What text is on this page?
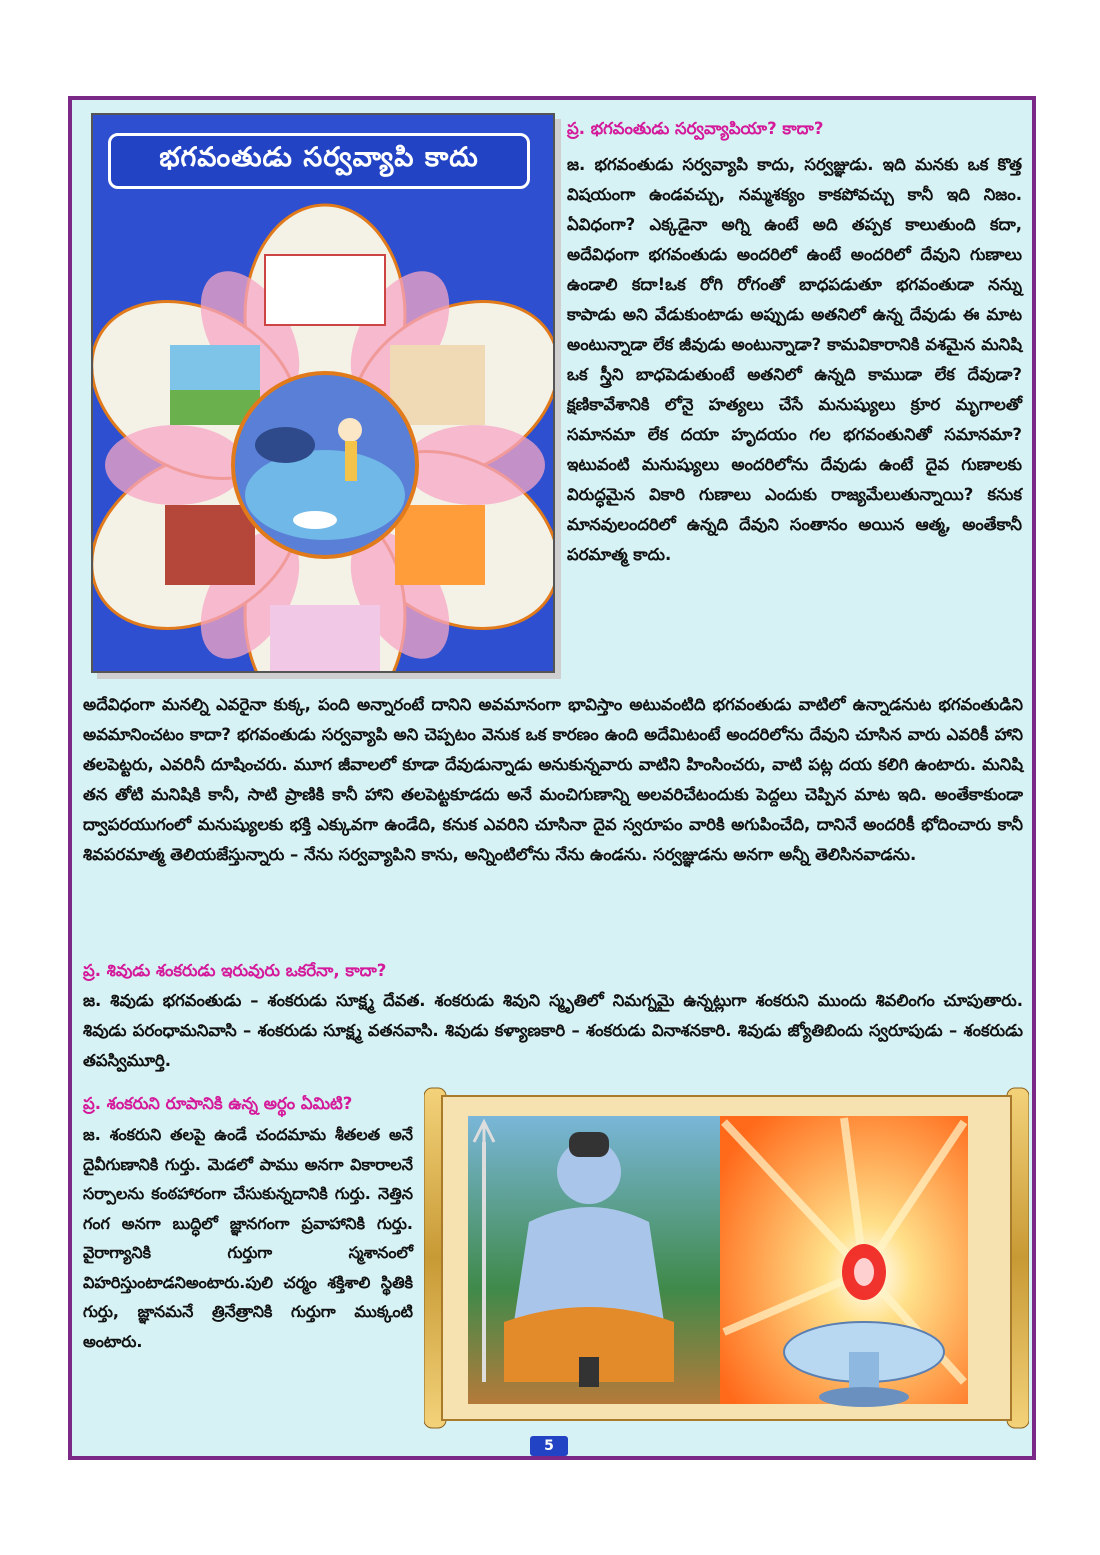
భగవంతుడు సర్వవ్యాపి కాదు

ప్ర. భగవంతుడు సర్వవ్యాపియా? కాదా?

జ. భగవంతుడు సర్వవ్యాపి కాదు, సర్వజ్ఞుడు. ఇది మనకు ఒక కొత్త విషయంగా ఉండవచ్చు, నమ్మశక్యం కాకపోవచ్చు కానీ ఇది నిజం. ఏవిధంగా? ఎక్కడైనా అగ్ని ఉంటే అది తప్పక కాలుతుంది కదా, అదేవిధంగా భగవంతుడు అందరిలో ఉంటే అందరిలో దేవుని గుణాలు ఉండాలి కదా!ఒక రోగి రోగంతో బాధపడుతూ భగవంతుడా నన్ను కాపాడు అని వేడుకుంటాడు అప్పుడు అతనిలో ఉన్న దేవుడు ఈ మాట అంటున్నాడా లేక జీవుడు అంటున్నాడా? కామవికారానికి వశమైన మనిషి ఒక స్త్రీని బాధపెడుతుంటే అతనిలో ఉన్నది కాముడా లేక దేవుడా? క్షణికావేశానికి లోనై హత్యలు చేసే మనుష్యులు క్రూర మృగాలతో సమానమా లేక దయా హృదయం గల భగవంతునితో సమానమా? ఇటువంటి మనుష్యులు అందరిలోను దేవుడు ఉంటే దైవ గుణాలకు విరుద్ధమైన వికారి గుణాలు ఎందుకు రాజ్యమేలుతున్నాయి? కనుక మానవులందరిలో ఉన్నది దేవుని సంతానం అయిన ఆత్మ, అంతేకానీ పరమాత్మ కాదు.

అదేవిధంగా మనల్ని ఎవరైనా కుక్క, పంది అన్నారంటే దానిని అవమానంగా భావిస్తాం అటువంటిది భగవంతుడు వాటిలో ఉన్నాడనుట భగవంతుడిని అవమానించటం కాదా? భగవంతుడు సర్వవ్యాపి అని చెప్పటం వెనుక ఒక కారణం ఉంది అదేమిటంటే అందరిలోను దేవుని చూసిన వారు ఎవరికీ హాని తలపెట్టరు, ఎవరినీ దూషించరు. మూగ జీవాలలో కూడా దేవుడున్నాడు అనుకున్నవారు వాటిని హింసించరు, వాటి పట్ల దయ కలిగి ఉంటారు. మనిషి తన తోటి మనిషికి కానీ, సాటి ప్రాణికి కానీ హాని తలపెట్టకూడదు అనే మంచిగుణాన్ని అలవరిచేటందుకు పెద్దలు చెప్పిన మాట ఇది. అంతేకాకుండా ద్వాపరయుగంలో మనుష్యులకు భక్తి ఎక్కువగా ఉండేది, కనుక ఎవరిని చూసినా దైవ స్వరూపం వారికి అగుపించేది, దానినే అందరికీ భోదించారు కానీ శివపరమాత్మ తెలియజేస్తున్నారు – నేను సర్వవ్యాపిని కాను, అన్నింటిలోను నేను ఉండను. సర్వజ్ఞుడను అనగా అన్నీ తెలిసినవాడను.

ప్ర. శివుడు శంకరుడు ఇరువురు ఒకరేనా, కాదా?

జ. శివుడు భగవంతుడు – శంకరుడు సూక్ష్మ దేవత. శంకరుడు శివుని స్మృతిలో నిమగ్నమై ఉన్నట్లుగా శంకరుని ముందు శివలింగం చూపుతారు. శివుడు పరంధామనివాసి – శంకరుడు సూక్ష్మ వతనవాసి. శివుడు కళ్యాణకారి – శంకరుడు వినాశనకారి. శివుడు జ్యోతిబిందు స్వరూపుడు – శంకరుడు తపస్విమూర్తి.

ప్ర. శంకరుని రూపానికి ఉన్న అర్థం ఏమిటి?

జ. శంకరుని తలపై ఉండే చందమామ శీతలత అనే దైవీగుణానికి గుర్తు. మెడలో పాము అనగా వికారాలనే సర్పాలను కంఠహారంగా చేసుకున్నదానికి గుర్తు. నెత్తిన గంగ అనగా బుద్ధిలో జ్ఞానగంగా ప్రవాహానికి గుర్తు. వైరాగ్యానికి గుర్తుగా స్మశానంలో విహరిస్తుంటాడనిఅంటారు.పులి చర్మం శక్తిశాలి స్థితికి గుర్తు, జ్ఞానమనే త్రినేత్రానికి గుర్తుగా ముక్కంటి అంటారు.

5
